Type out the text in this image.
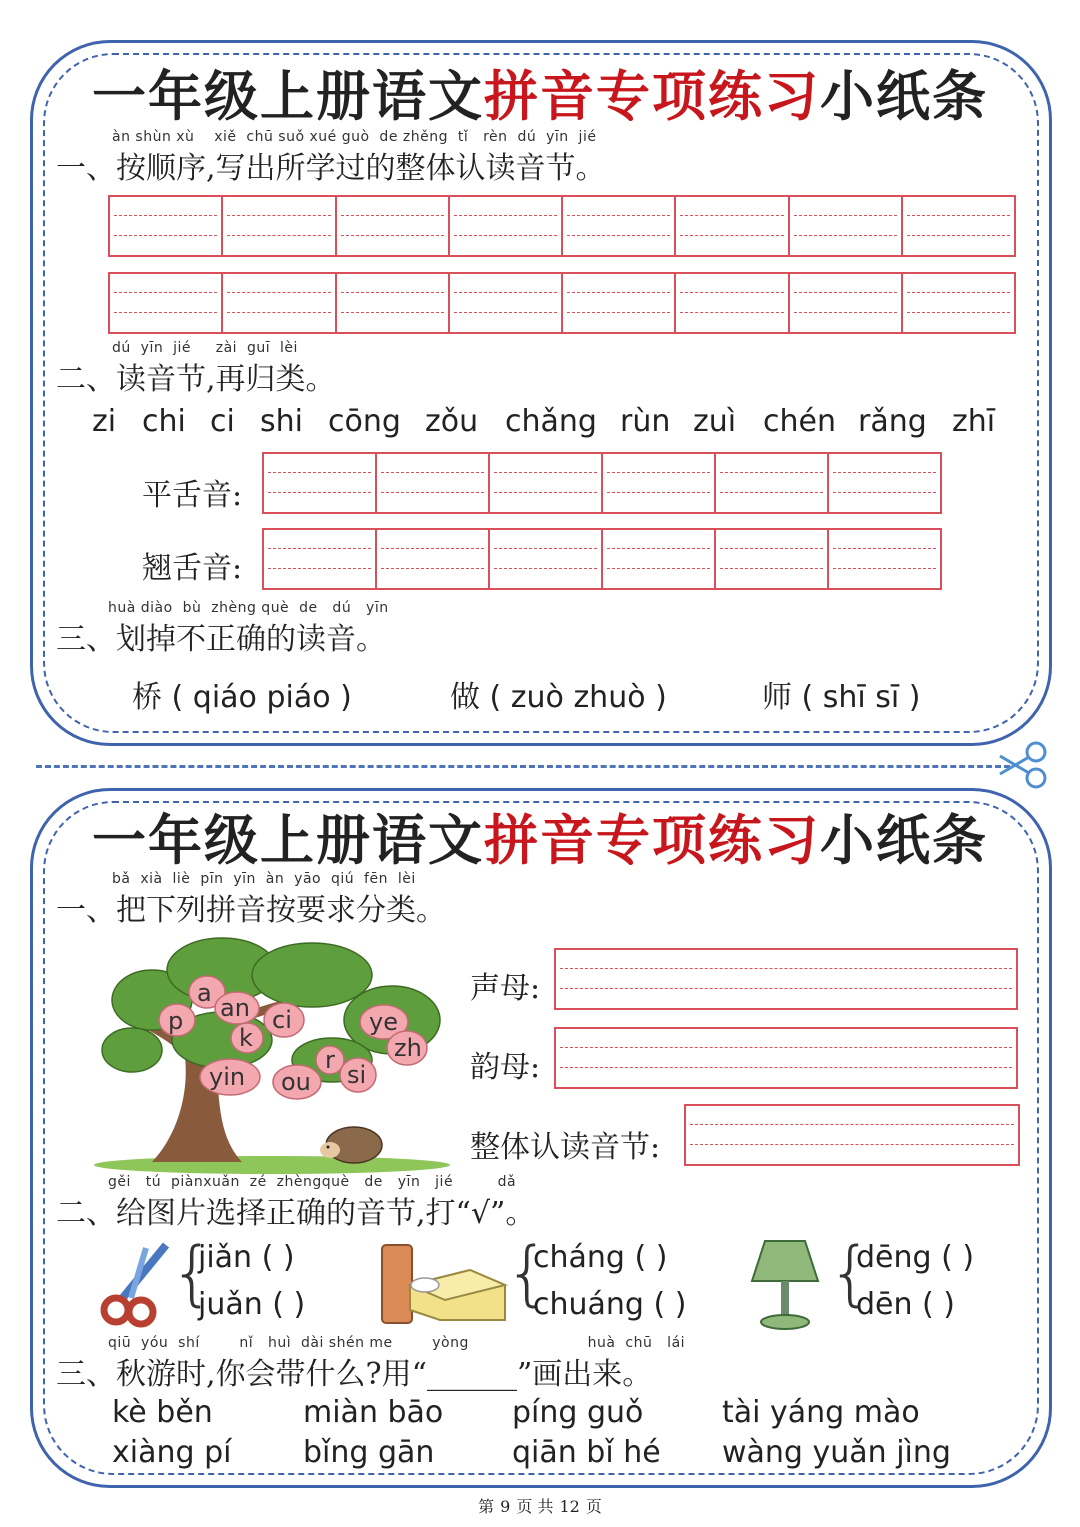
一年级上册语文拼音专项练习小纸条
àn shùn xù    xiě  chū suǒ xué guò  de zhěng  tǐ   rèn  dú  yīn  jié
一、按顺序,写出所学过的整体认读音节。
dú  yīn  jié     zài  guī  lèi
二、读音节,再归类。
zi chi ci shi cōng zǒu chǎng rùn zuì chén rǎng zhī
平舌音:
翘舌音:
huà diào  bù  zhèng què  de   dú   yīn
三、划掉不正确的读音。
桥 ( qiáo piáo )	做 ( zuò zhuò )	师 ( shī sī )
一年级上册语文拼音专项练习小纸条
bǎ  xià  liè  pīn  yīn  àn  yāo  qiú  fēn  lèi
一、把下列拼音按要求分类。
a
p an ci
k
ye
zh
yin ou
r
si
声母:
韵母:
整体认读音节:
gěi   tú  piànxuǎn  zé  zhèngquè   de   yīn   jié         dǎ
二、给图片选择正确的音节,打“√”。
{
jiǎn ( )
juǎn ( )	{
cháng ( )
chuáng ( ) {
dēng ( )
dēn ( )
qiū  yóu  shí        nǐ   huì  dài shén me        yòng                        huà  chū   lái
三、秋游时,你会带什么?用“______”画出来。
kè běn	miàn bāo píng guǒ	tài yáng mào
xiàng pí bǐng gān	qiān bǐ hé wàng yuǎn jìng
第 9 页 共 12 页
